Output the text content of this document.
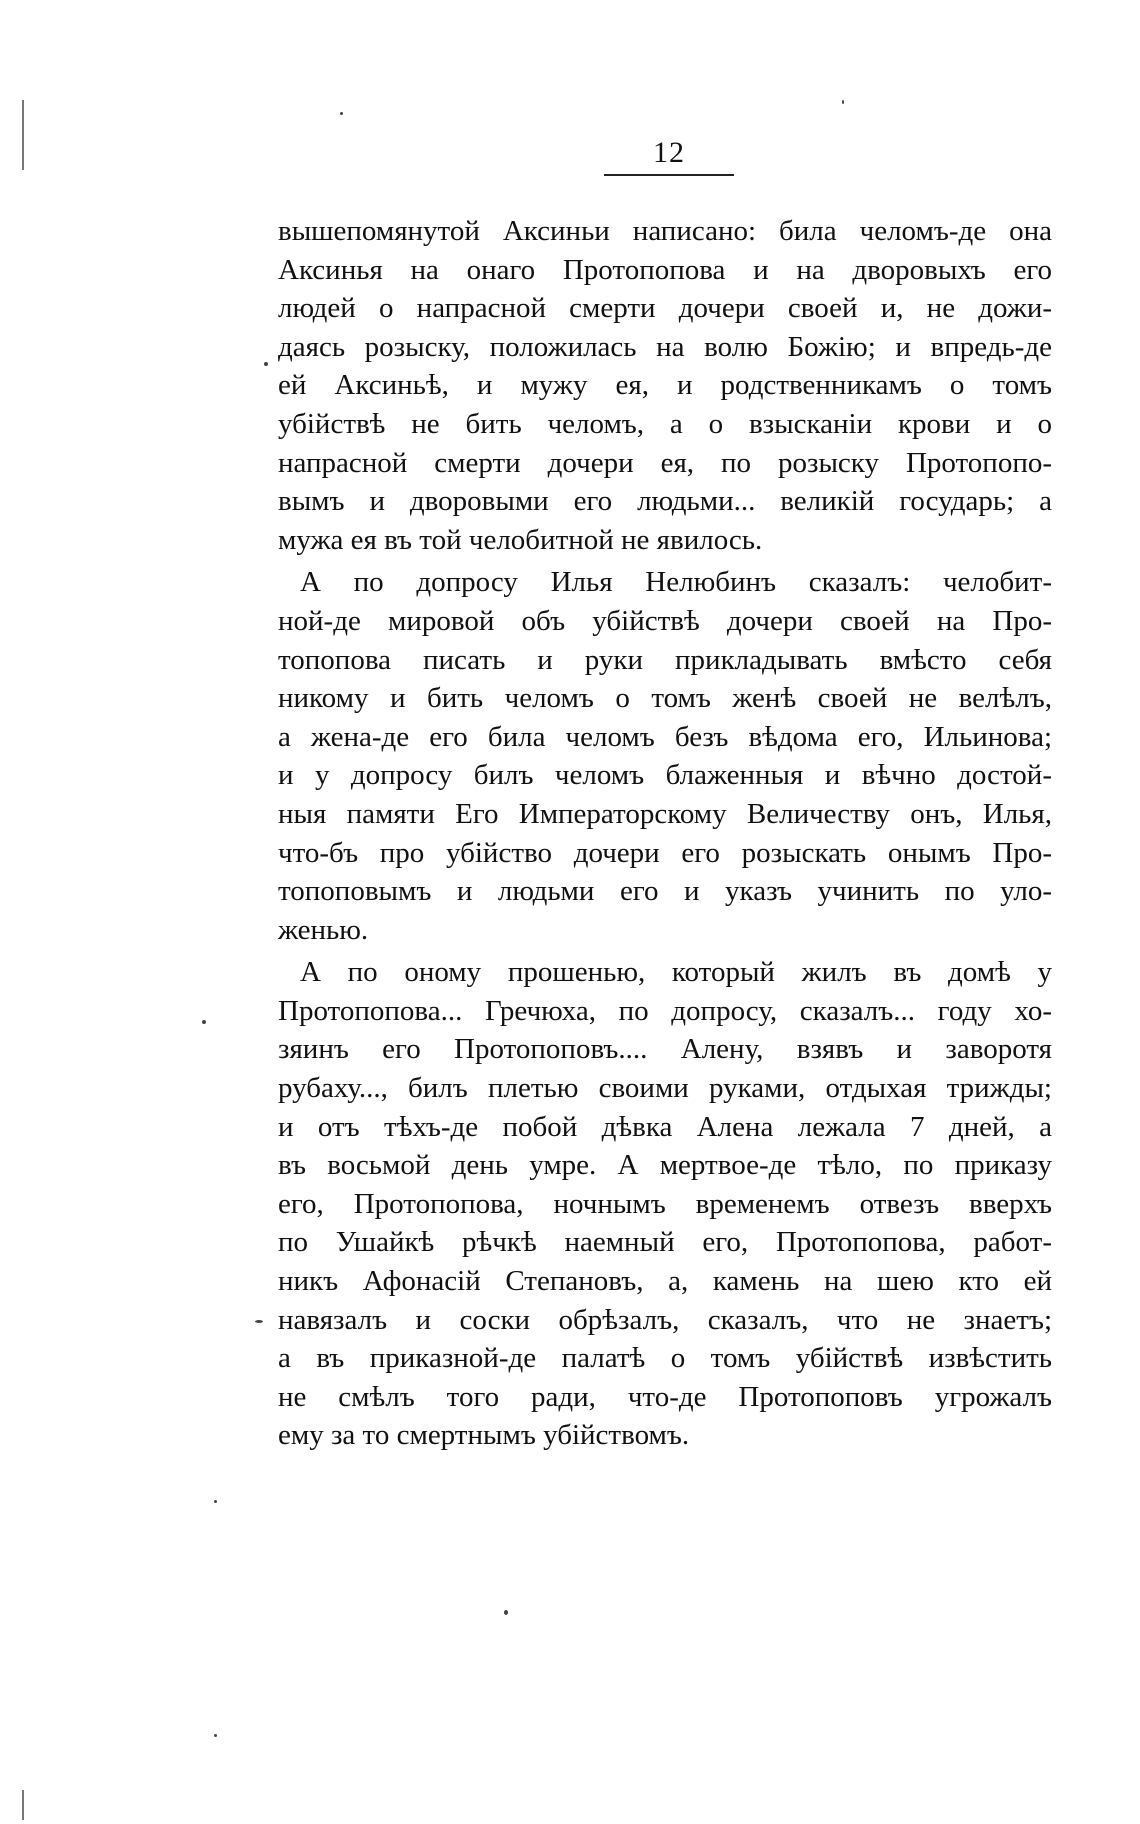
12
вышепомянутой Аксиньи написано: била челомъ-де она
Аксинья на онаго Протопопова и на дворовыхъ его
людей о напрасной смерти дочери своей и, не дожи-
даясь розыску, положилась на волю Божiю; и впредь-де
ей Аксиньѣ, и мужу ея, и родственникамъ о томъ
убiйствѣ не бить челомъ, а о взысканiи крови и о
напрасной смерти дочери ея, по розыску Протопопо-
вымъ и дворовыми его людьми... великiй государь; а
мужа ея въ той челобитной не явилось.
А по допросу Илья Нелюбинъ сказалъ: челобит-
ной-де мировой объ убiйствѣ дочери своей на Про-
топопова писать и руки прикладывать вмѣсто себя
никому и бить челомъ о томъ женѣ своей не велѣлъ,
а жена-де его била челомъ безъ вѣдома его, Ильинова;
и у допросу билъ челомъ блаженныя и вѣчно достой-
ныя памяти Его Императорскому Величеству онъ, Илья,
что-бъ про убiйство дочери его розыскать онымъ Про-
топоповымъ и людьми его и указъ учинить по уло-
женью.
А по оному прошенью, который жилъ въ домѣ у
Протопопова... Гречюха, по допросу, сказалъ... году хо-
зяинъ его Протопоповъ.... Алену, взявъ и заворотя
рубаху..., билъ плетью своими руками, отдыхая трижды;
и отъ тѣхъ-де побой дѣвка Алена лежала 7 дней, а
въ восьмой день умре. А мертвое-де тѣло, по приказу
его, Протопопова, ночнымъ временемъ отвезъ вверхъ
по Ушайкѣ рѣчкѣ наемный его, Протопопова, работ-
никъ Афонасiй Степановъ, а, камень на шею кто ей
навязалъ и соски обрѣзалъ, сказалъ, что не знаетъ;
а въ приказной-де палатѣ о томъ убiйствѣ извѣстить
не смѣлъ того ради, что-де Протопоповъ угрожалъ
ему за то смертнымъ убiйствомъ.
